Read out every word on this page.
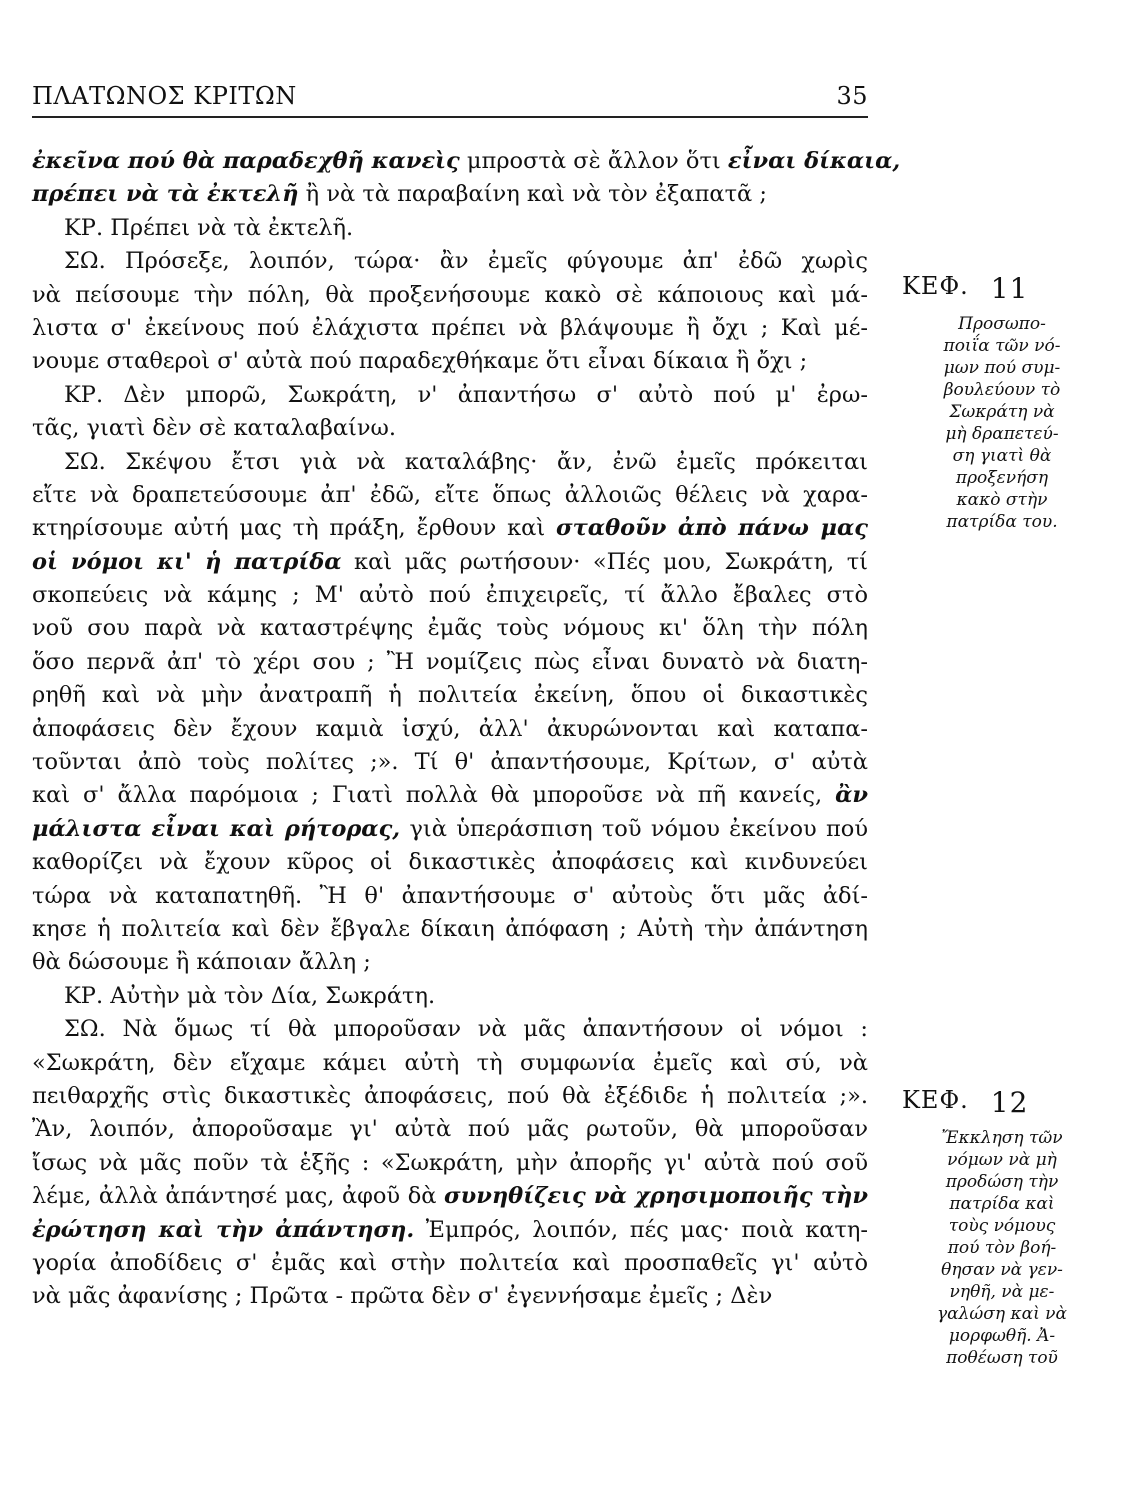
ΠΛΑΤΩΝΟΣ ΚΡΙΤΩΝ	35
ἐκεῖνα πού θὰ παραδεχθῆ κανεὶς μπροστὰ σὲ ἄλλον ὅτι εἶναι δίκαια,
πρέπει νὰ τὰ ἐκτελῆ ἢ νὰ τὰ παραβαίνη καὶ νὰ τὸν ἐξαπατᾶ ;
ΚΡ. Πρέπει νὰ τὰ ἐκτελῆ.
ΣΩ. Πρόσεξε, λοιπόν, τώρα· ἂν ἐμεῖς φύγουμε ἀπ' ἐδῶ χωρὶς
νὰ πείσουμε τὴν πόλη, θὰ προξενήσουμε κακὸ σὲ κάποιους καὶ μά-
λιστα σ' ἐκείνους πού ἐλάχιστα πρέπει νὰ βλάψουμε ἢ ὄχι ; Καὶ μέ-
νουμε σταθεροὶ σ' αὐτὰ πού παραδεχθήκαμε ὅτι εἶναι δίκαια ἢ ὄχι ;
ΚΡ. Δὲν μπορῶ, Σωκράτη, ν' ἀπαντήσω σ' αὐτὸ πού μ' ἐρω-
τᾶς, γιατὶ δὲν σὲ καταλαβαίνω.
ΣΩ. Σκέψου ἔτσι γιὰ νὰ καταλάβης· ἄν, ἐνῶ ἐμεῖς πρόκειται
εἴτε νὰ δραπετεύσουμε ἀπ' ἐδῶ, εἴτε ὅπως ἀλλοιῶς θέλεις νὰ χαρα-
κτηρίσουμε αὐτή μας τὴ πράξη, ἔρθουν καὶ σταθοῦν ἀπὸ πάνω μας
οἱ νόμοι κι' ἡ πατρίδα καὶ μᾶς ρωτήσουν· «Πές μου, Σωκράτη, τί
σκοπεύεις νὰ κάμης ; Μ' αὐτὸ πού ἐπιχειρεῖς, τί ἄλλο ἔβαλες στὸ
νοῦ σου παρὰ νὰ καταστρέψης ἐμᾶς τοὺς νόμους κι' ὅλη τὴν πόλη
ὅσο περνᾶ ἀπ' τὸ χέρι σου ; Ἢ νομίζεις πὼς εἶναι δυνατὸ νὰ διατη-
ρηθῆ καὶ νὰ μὴν ἀνατραπῆ ἡ πολιτεία ἐκείνη, ὅπου οἱ δικαστικὲς
ἀποφάσεις δὲν ἔχουν καμιὰ ἰσχύ, ἀλλ' ἀκυρώνονται καὶ καταπα-
τοῦνται ἀπὸ τοὺς πολίτες ;». Τί θ' ἀπαντήσουμε, Κρίτων, σ' αὐτὰ
καὶ σ' ἄλλα παρόμοια ; Γιατὶ πολλὰ θὰ μποροῦσε νὰ πῆ κανείς, ἂν
μάλιστα εἶναι καὶ ρήτορας, γιὰ ὑπεράσπιση τοῦ νόμου ἐκείνου πού
καθορίζει νὰ ἔχουν κῦρος οἱ δικαστικὲς ἀποφάσεις καὶ κινδυνεύει
τώρα νὰ καταπατηθῆ. Ἢ θ' ἀπαντήσουμε σ' αὐτοὺς ὅτι μᾶς ἀδί-
κησε ἡ πολιτεία καὶ δὲν ἔβγαλε δίκαιη ἀπόφαση ; Αὐτὴ τὴν ἀπάντηση
θὰ δώσουμε ἢ κάποιαν ἄλλη ;
ΚΡ. Αὐτὴν μὰ τὸν Δία, Σωκράτη.
ΣΩ. Νὰ ὅμως τί θὰ μποροῦσαν νὰ μᾶς ἀπαντήσουν οἱ νόμοι :
«Σωκράτη, δὲν εἴχαμε κάμει αὐτὴ τὴ συμφωνία ἐμεῖς καὶ σύ, νὰ
πειθαρχῆς στὶς δικαστικὲς ἀποφάσεις, πού θὰ ἐξέδιδε ἡ πολιτεία ;».
Ἂν, λοιπόν, ἀποροῦσαμε γι' αὐτὰ πού μᾶς ρωτοῦν, θὰ μποροῦσαν
ἴσως νὰ μᾶς ποῦν τὰ ἑξῆς : «Σωκράτη, μὴν ἀπορῆς γι' αὐτὰ πού σοῦ
λέμε, ἀλλὰ ἀπάντησέ μας, ἀφοῦ δὰ συνηθίζεις νὰ χρησιμοποιῆς τὴν
ἐρώτηση καὶ τὴν ἀπάντηση. Ἐμπρός, λοιπόν, πές μας· ποιὰ κατη-
γορία ἀποδίδεις σ' ἐμᾶς καὶ στὴν πολιτεία καὶ προσπαθεῖς γι' αὐτὸ
νὰ μᾶς ἀφανίσης ; Πρῶτα - πρῶτα δὲν σ' ἐγεννήσαμε ἐμεῖς ; Δὲν
ΚΕΦ. 11
Προσωπο-
ποιΐα τῶν νό-
μων πού συμ-
βουλεύουν τὸ
Σωκράτη νὰ
μὴ δραπετεύ-
ση γιατὶ θὰ
προξενήση
κακὸ στὴν
πατρίδα του.
ΚΕΦ. 12
Ἔκκληση τῶν
νόμων νὰ μὴ
προδώση τὴν
πατρίδα καὶ
τοὺς νόμους
πού τὸν βοή-
θησαν νὰ γεν-
νηθῆ, νὰ με-
γαλώση καὶ νὰ
μορφωθῆ. Ἀ-
ποθέωση τοῦ
